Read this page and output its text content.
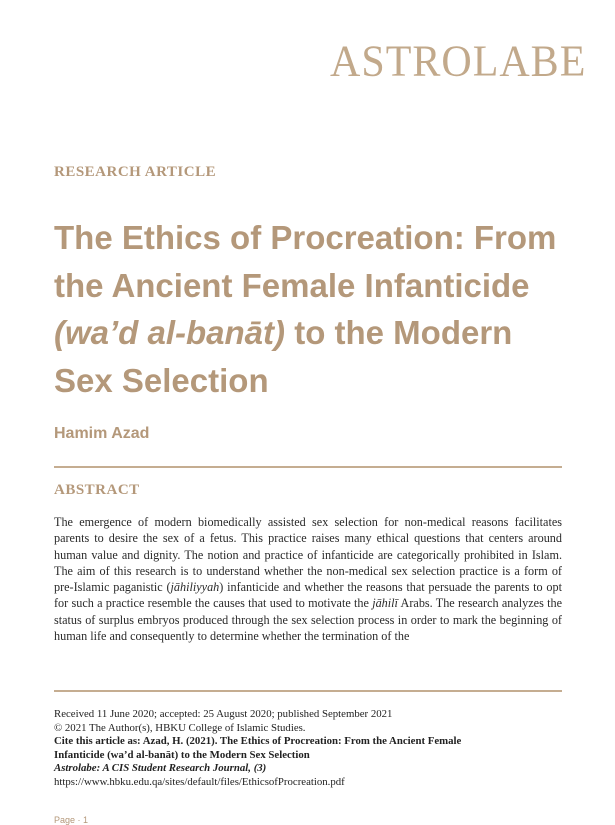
ASTROLABE
RESEARCH ARTICLE
The Ethics of Procreation: From the Ancient Female Infanticide (wa’d al-banāt) to the Modern Sex Selection
Hamim Azad
ABSTRACT

The emergence of modern biomedically assisted sex selection for non-medical reasons facilitates parents to desire the sex of a fetus. This practice raises many ethical questions that centers around human value and dignity. The notion and practice of infanticide are categorically prohibited in Islam. The aim of this research is to understand whether the non-medical sex selection practice is a form of pre-Islamic paganistic (jāhiliyyah) infanticide and whether the reasons that persuade the parents to opt for such a practice resemble the causes that used to motivate the jāhilī Arabs. The research analyzes the status of surplus embryos produced through the sex selection process in order to mark the beginning of human life and consequently to determine whether the termination of the

Received 11 June 2020; accepted: 25 August 2020; published September 2021
© 2021 The Author(s), HBKU College of Islamic Studies.
Cite this article as: Azad, H. (2021). The Ethics of Procreation: From the Ancient Female
Infanticide (wa’d al-banāt) to the Modern Sex Selection
Astrolabe: A CIS Student Research Journal, (3)
https://www.hbku.edu.qa/sites/default/files/EthicsofProcreation.pdf
Page · 1
